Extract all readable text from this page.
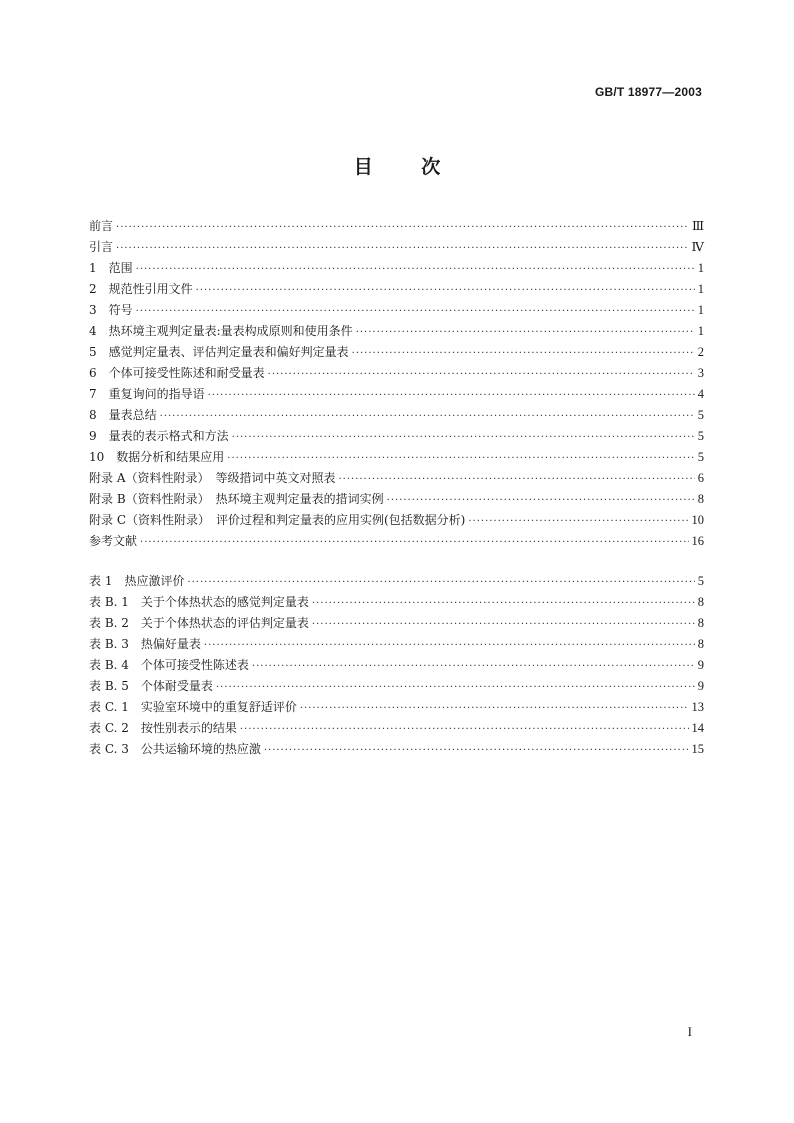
GB/T 18977—2003
目 次
前言 ·····	Ⅲ
引言 ·····	Ⅳ
1　范围 ·····	1
2　规范性引用文件 ·····	1
3　符号 ·····	1
4　热环境主观判定量表:量表构成原则和使用条件 ·····	1
5　感觉判定量表、评估判定量表和偏好判定量表 ·····	2
6　个体可接受性陈述和耐受量表 ·····	3
7　重复询问的指导语 ·····	4
8　量表总结 ·····	5
9　量表的表示格式和方法 ·····	5
10　数据分析和结果应用 ·····	5
附录 A（资料性附录）　等级措词中英文对照表 ·····	6
附录 B（资料性附录）　热环境主观判定量表的措词实例 ·····	8
附录 C（资料性附录）　评价过程和判定量表的应用实例(包括数据分析) ·····	10
参考文献 ·····	16
表 1　热应激评价 ·····	5
表 B. 1　关于个体热状态的感觉判定量表 ·····	8
表 B. 2　关于个体热状态的评估判定量表 ·····	8
表 B. 3　热偏好量表 ·····	8
表 B. 4　个体可接受性陈述表 ·····	9
表 B. 5　个体耐受量表 ·····	9
表 C. 1　实验室环境中的重复舒适评价 ·····	13
表 C. 2　按性别表示的结果 ·····	14
表 C. 3　公共运输环境的热应激 ·····	15
I
